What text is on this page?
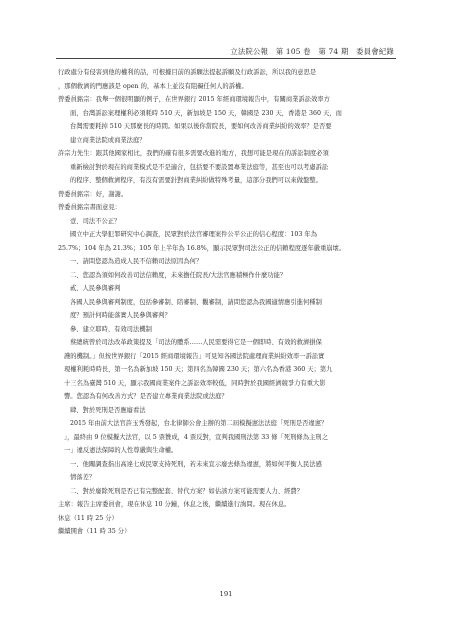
立法院公報　第 105 卷　第 74 期　委員會紀錄
行政處分有侵害到他的權利的話，可根據目前的訴願法提起訴願及行政訴訟，所以我的意思是
，那個救濟的門應該是 open 的，基本上並沒有阻礙任何人的訴權。
曾委員銘宗：我舉一個很明顯的例子，在世界銀行 2015 年經商環境報告中，有關商業訴訟效率方
面，台灣訴訟案理權利必須耗時 510 天，新加坡是 150 天，韓國是 230 天，香港是 360 天，而
台灣需要耗掉 510 天那麼長的時間。如果以後你當院長，要如何改善商業糾紛的效率？是否要
建立商業法院或商業法庭？
許宗力先生：跟其他國家相比，我們的確有很多需要改進的地方，我想可能是現在的訴訟制度必須
重新檢討對於現在的商業模式是不是適合，包括要不要設置專業法庭等，甚至也可以考慮訴訟
的程序、整個救濟程序，有沒有需要針對商業糾紛做特殊考量，這部分我們可以來做盤整。
曾委員銘宗：好，謝謝。
曾委員銘宗書面意見：
壹、司法不公正？
國立中正大學犯罪研究中心調查，民眾對於法官審理案件公平公正的信心程度：103 年為
25.7%；104 年為 21.3%；105 年上半年為 16.8%，顯示民眾對司法公正的信賴程度逐年嚴重崩壞。
一、請問您認為造成人民不信賴司法原因為何？
二、您認為須如何改善司法信賴度，未來擔任院長/大法官應積極作什麼功能？
貳、人民參與審判
各國人民參與審判制度，包括參審制、陪審制、觀審制，請問您認為我國適情應引進何種制
度？預計何時能落實人民參與審判？
參、建立耶時、有效司法機制
蔡總統曾於司法改革政策提及「司法的體系……人民需要得它是一個即時、有效的救濟損保
護的機制。」但按世界銀行「2015 經商環境報告」可見知各國法院處理商業糾紛效率一訴訟實
現權利耗時時長，第一名為新加坡 150 天；第四名為韓國 230 天；第六名為香港 360 天；第九
十三名為臺灣 510 天，顯示我國商業案件之訴訟效率較低，同時對於我國經濟競爭力有重大影
響。您認為有何改善方式？是否建立專業商業法院或法庭？
肆、對於死刑是否應廢看法
2015 年由前大法官許玉秀發起，台北律師公會主辦的第二屆模擬憲法法庭「死刑是否違憲？
」，最終由 9 位模擬大法官，以 5 票贊成，4 票反對，宣判我國刑法第 33 條「死刑條為主刑之
一」違反憲法保障的人性尊嚴與生命權。
一、他關調查指出高達七成民眾支持死刑，若未來宣示廢去條為違憲，將如何平衡人民法感
情落差？
二、對於廢除死刑是否已有完整配套、替代方案？如估該方案可能需要人力、經費？
主席：報告主席委員會，現在休息 10 分鐘，休息之後，繼續進行詢問。現在休息。
休息（11 時 25 分）
繼續開會（11 時 35 分）
191
